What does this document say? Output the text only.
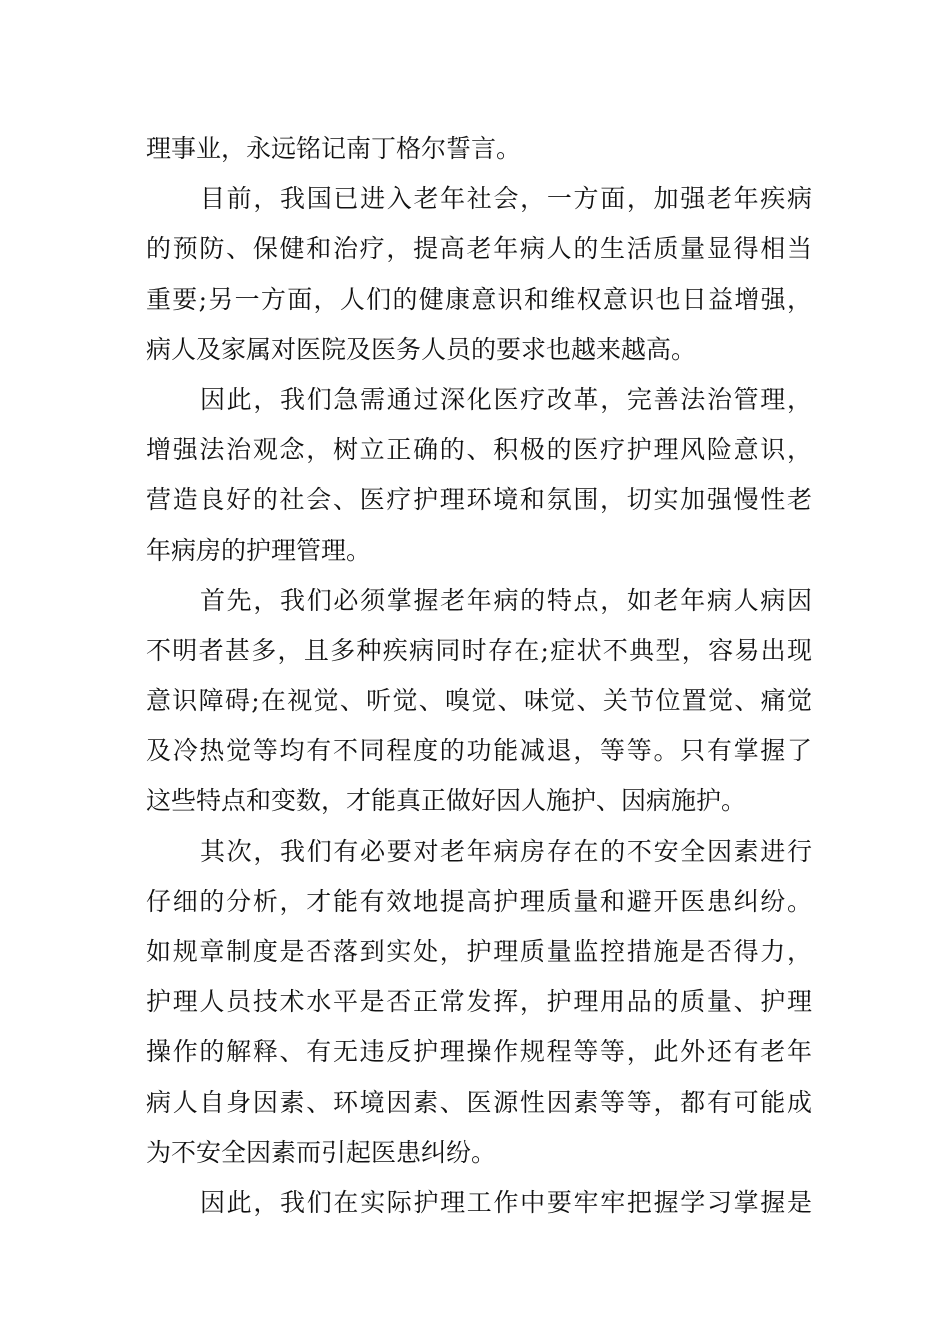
理事业，永远铭记南丁格尔誓言。
目前，我国已进入老年社会，一方面，加强老年疾病
的预防、保健和治疗，提高老年病人的生活质量显得相当
重要;另一方面，人们的健康意识和维权意识也日益增强，
病人及家属对医院及医务人员的要求也越来越高。
因此，我们急需通过深化医疗改革，完善法治管理，
增强法治观念，树立正确的、积极的医疗护理风险意识，
营造良好的社会、医疗护理环境和氛围，切实加强慢性老
年病房的护理管理。
首先，我们必须掌握老年病的特点，如老年病人病因
不明者甚多，且多种疾病同时存在;症状不典型，容易出现
意识障碍;在视觉、听觉、嗅觉、味觉、关节位置觉、痛觉
及冷热觉等均有不同程度的功能减退，等等。只有掌握了
这些特点和变数，才能真正做好因人施护、因病施护。
其次，我们有必要对老年病房存在的不安全因素进行
仔细的分析，才能有效地提高护理质量和避开医患纠纷。
如规章制度是否落到实处，护理质量监控措施是否得力，
护理人员技术水平是否正常发挥，护理用品的质量、护理
操作的解释、有无违反护理操作规程等等，此外还有老年
病人自身因素、环境因素、医源性因素等等，都有可能成
为不安全因素而引起医患纠纷。
因此，我们在实际护理工作中要牢牢把握学习掌握是
